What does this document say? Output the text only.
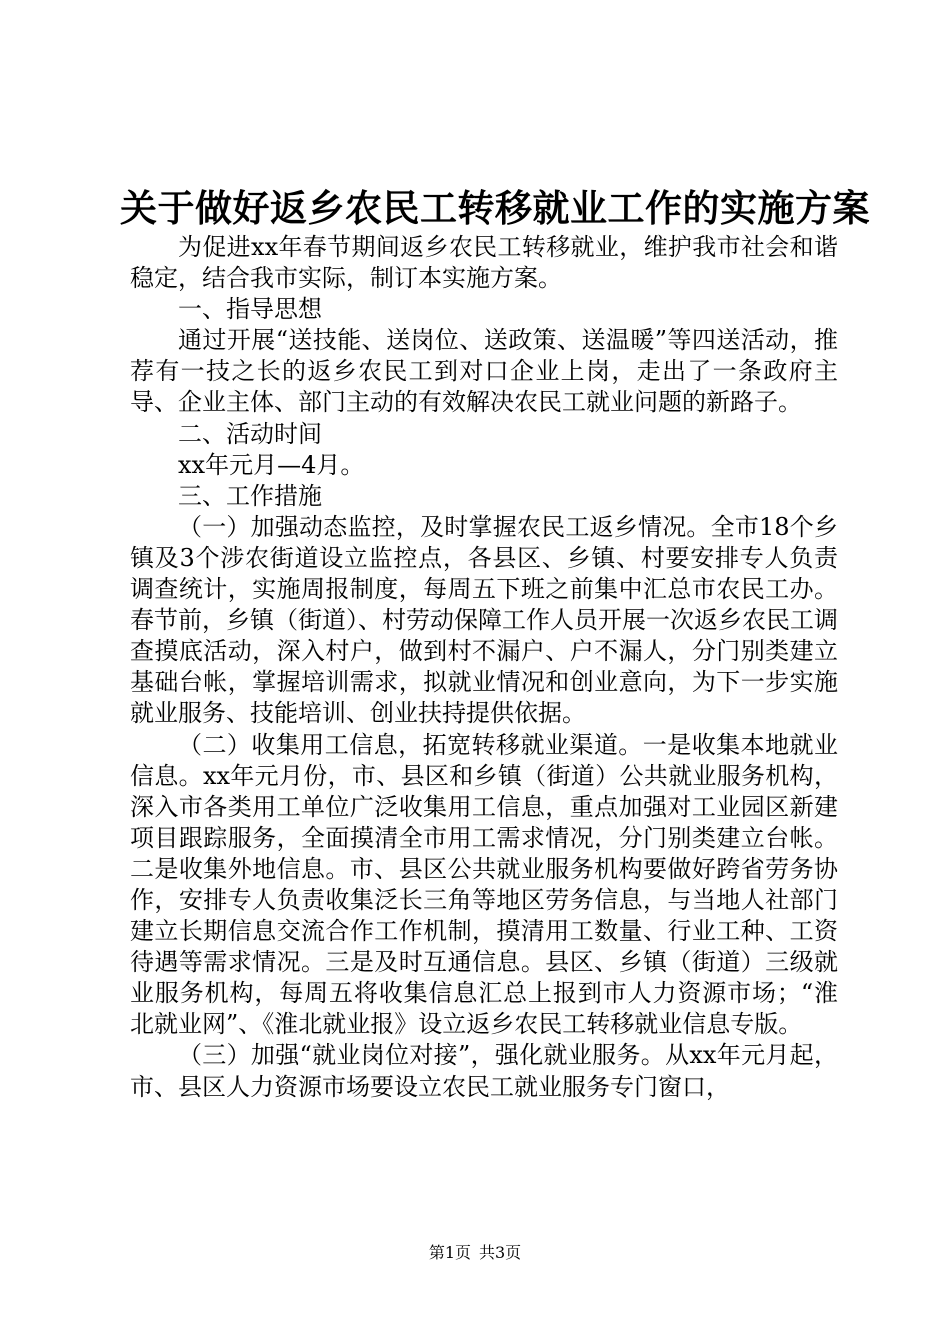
关于做好返乡农民工转移就业工作的实施方案

为促进xx年春节期间返乡农民工转移就业，维护我市社会和谐稳定，结合我市实际，制订本实施方案。

一、指导思想

通过开展“送技能、送岗位、送政策、送温暖”等四送活动，推荐有一技之长的返乡农民工到对口企业上岗，走出了一条政府主导、企业主体、部门主动的有效解决农民工就业问题的新路子。

二、活动时间

xx年元月—4月。

三、工作措施

（一）加强动态监控，及时掌握农民工返乡情况。全市18个乡镇及3个涉农街道设立监控点，各县区、乡镇、村要安排专人负责调查统计，实施周报制度，每周五下班之前集中汇总市农民工办。春节前，乡镇（街道）、村劳动保障工作人员开展一次返乡农民工调查摸底活动，深入村户，做到村不漏户、户不漏人，分门别类建立基础台帐，掌握培训需求，拟就业情况和创业意向，为下一步实施就业服务、技能培训、创业扶持提供依据。

（二）收集用工信息，拓宽转移就业渠道。一是收集本地就业信息。xx年元月份，市、县区和乡镇（街道）公共就业服务机构，深入市各类用工单位广泛收集用工信息，重点加强对工业园区新建项目跟踪服务，全面摸清全市用工需求情况，分门别类建立台帐。二是收集外地信息。市、县区公共就业服务机构要做好跨省劳务协作，安排专人负责收集泛长三角等地区劳务信息，与当地人社部门建立长期信息交流合作工作机制，摸清用工数量、行业工种、工资待遇等需求情况。三是及时互通信息。县区、乡镇（街道）三级就业服务机构，每周五将收集信息汇总上报到市人力资源市场；“淮北就业网”、《淮北就业报》设立返乡农民工转移就业信息专版。

（三）加强“就业岗位对接”，强化就业服务。从xx年元月起，市、县区人力资源市场要设立农民工就业服务专门窗口，

第1页 共3页
